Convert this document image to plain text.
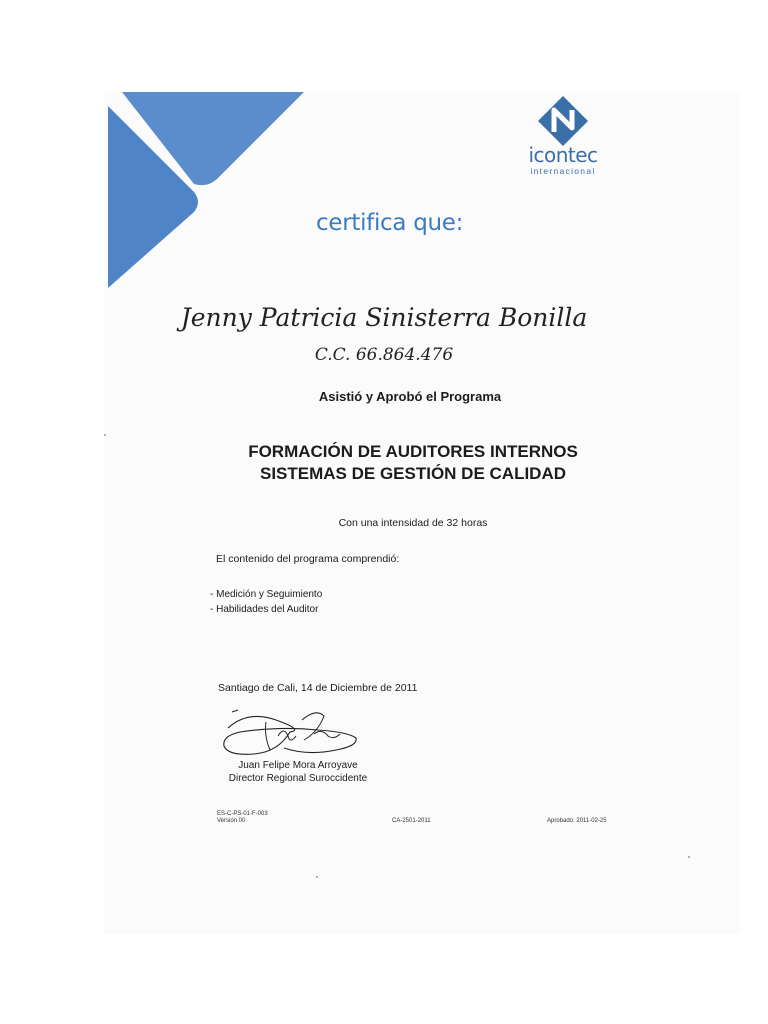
icontec
internacional
certifica que:
Jenny Patricia Sinisterra Bonilla
C.C. 66.864.476
Asistió y Aprobó el Programa
FORMACIÓN DE AUDITORES INTERNOS
SISTEMAS DE GESTIÓN DE CALIDAD
Con una intensidad de 32 horas
El contenido del programa comprendió:
- Medición y Seguimiento
- Habilidades del Auditor
Santiago de Cali, 14 de Diciembre de 2011
Juan Felipe Mora Arroyave
Director Regional Suroccidente
ES-C-PS-01-F-003
Versión 00	CA-2501-2011	Aprobado: 2011-02-25
